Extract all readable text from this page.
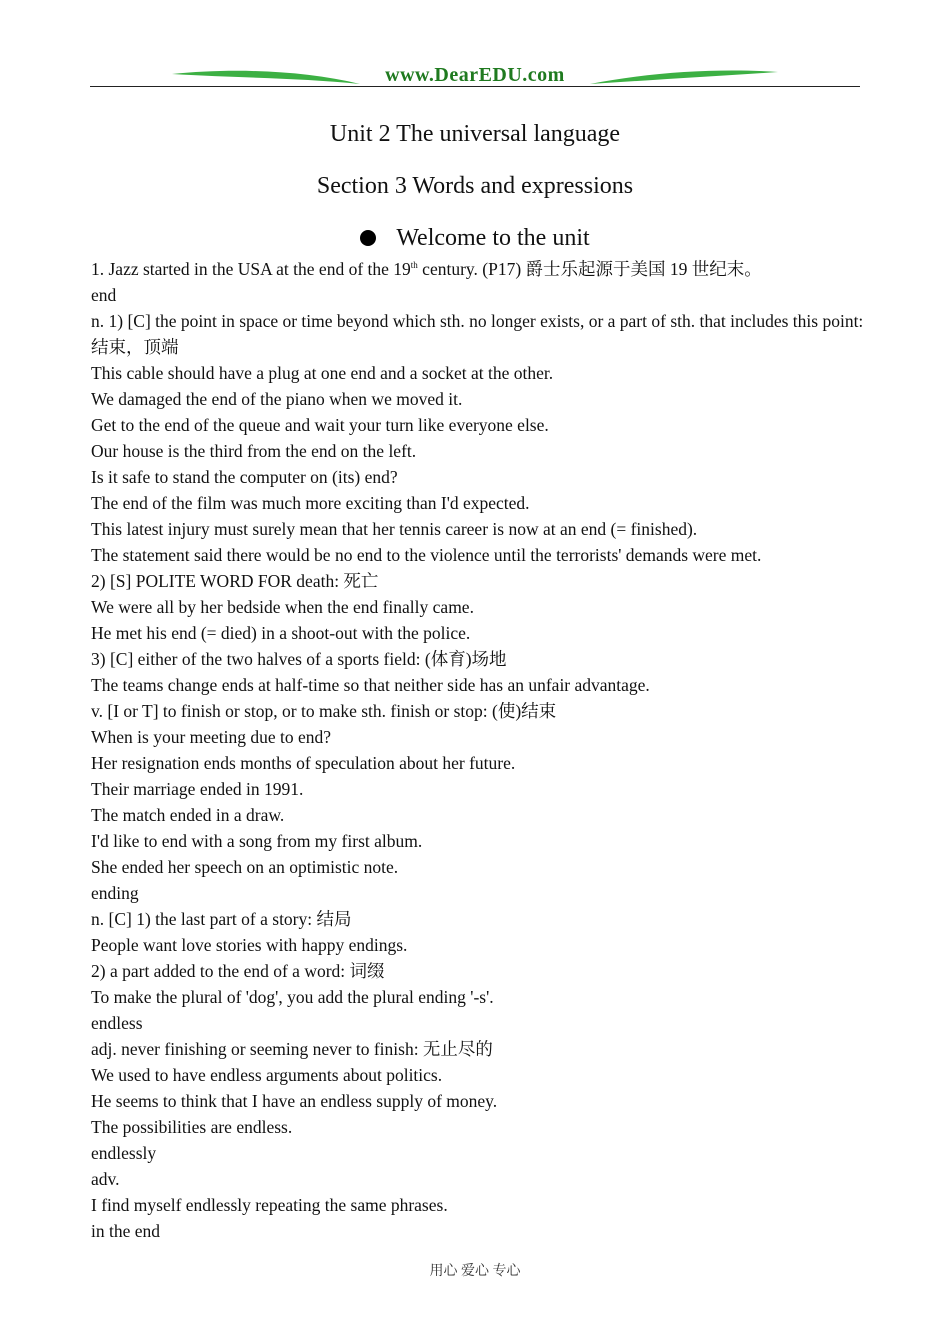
www.DearEDU.com
Unit 2 The universal language
Section 3 Words and expressions
Welcome to the unit
1. Jazz started in the USA at the end of the 19th century. (P17) 爵士乐起源于美国 19 世纪末。
end
n. 1) [C] the point in space or time beyond which sth. no longer exists, or a part of sth. that includes this point: 结束，顶端
This cable should have a plug at one end and a socket at the other.
We damaged the end of the piano when we moved it.
Get to the end of the queue and wait your turn like everyone else.
Our house is the third from the end on the left.
Is it safe to stand the computer on (its) end?
The end of the film was much more exciting than I'd expected.
This latest injury must surely mean that her tennis career is now at an end (= finished).
The statement said there would be no end to the violence until the terrorists' demands were met.
2) [S] POLITE WORD FOR death: 死亡
We were all by her bedside when the end finally came.
He met his end (= died) in a shoot-out with the police.
3) [C] either of the two halves of a sports field: (体育)场地
The teams change ends at half-time so that neither side has an unfair advantage.
v. [I or T] to finish or stop, or to make sth. finish or stop: (使)结束
When is your meeting due to end?
Her resignation ends months of speculation about her future.
Their marriage ended in 1991.
The match ended in a draw.
I'd like to end with a song from my first album.
She ended her speech on an optimistic note.
ending
n. [C] 1) the last part of a story: 结局
People want love stories with happy endings.
2) a part added to the end of a word: 词缀
To make the plural of 'dog', you add the plural ending '-s'.
endless
adj. never finishing or seeming never to finish: 无止尽的
We used to have endless arguments about politics.
He seems to think that I have an endless supply of money.
The possibilities are endless.
endlessly
adv.
I find myself endlessly repeating the same phrases.
in the end
用心 爱心 专心
